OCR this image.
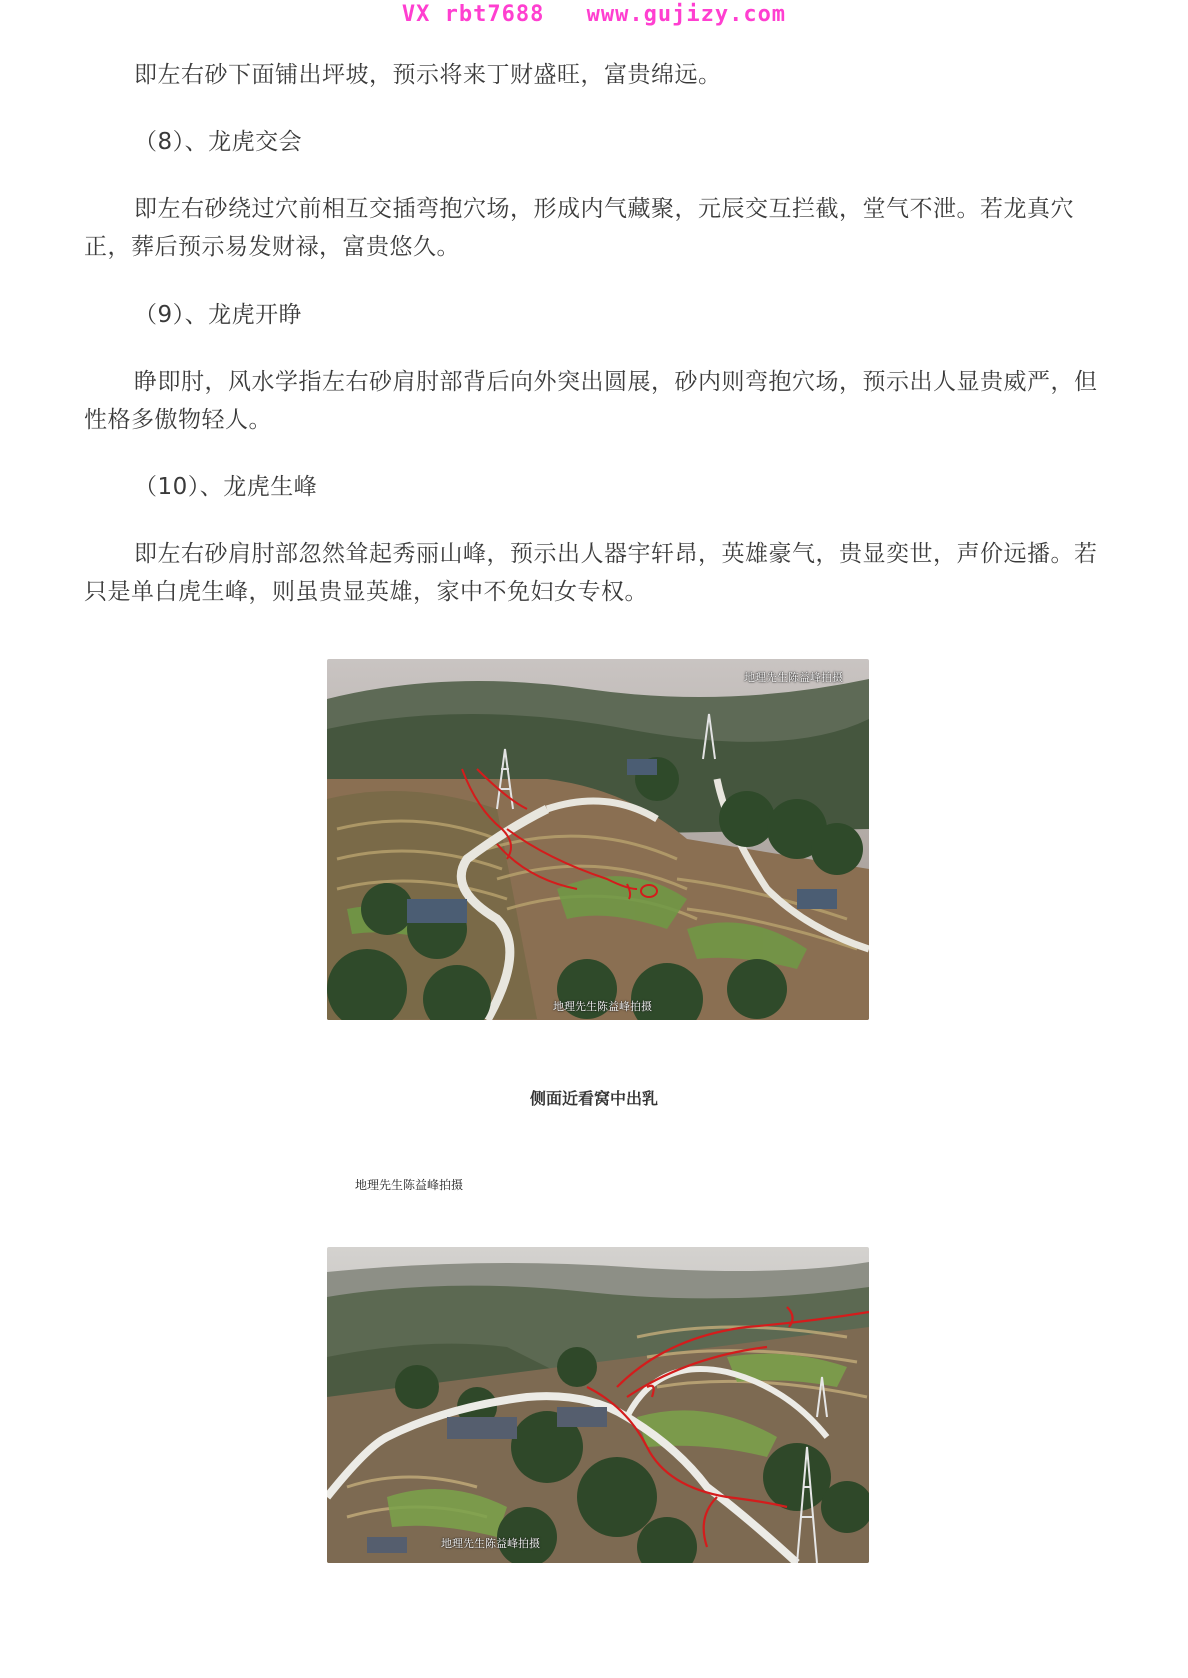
VX rbt7688 www.gujizy.com

即左右砂下面铺出坪坡，预示将来丁财盛旺，富贵绵远。

（8）、龙虎交会

即左右砂绕过穴前相互交插弯抱穴场，形成内气藏聚，元辰交互拦截，堂气不泄。若龙真穴正，葬后预示易发财禄，富贵悠久。

（9）、龙虎开睁

睁即肘，风水学指左右砂肩肘部背后向外突出圆展，砂内则弯抱穴场，预示出人显贵威严，但性格多傲物轻人。

（10）、龙虎生峰

即左右砂肩肘部忽然耸起秀丽山峰，预示出人器宇轩昂，英雄豪气，贵显奕世，声价远播。若只是单白虎生峰，则虽贵显英雄，家中不免妇女专权。

地理先生陈益峰拍摄
地理先生陈益峰拍摄
侧面近看窝中出乳
地理先生陈益峰拍摄
地理先生陈益峰拍摄
